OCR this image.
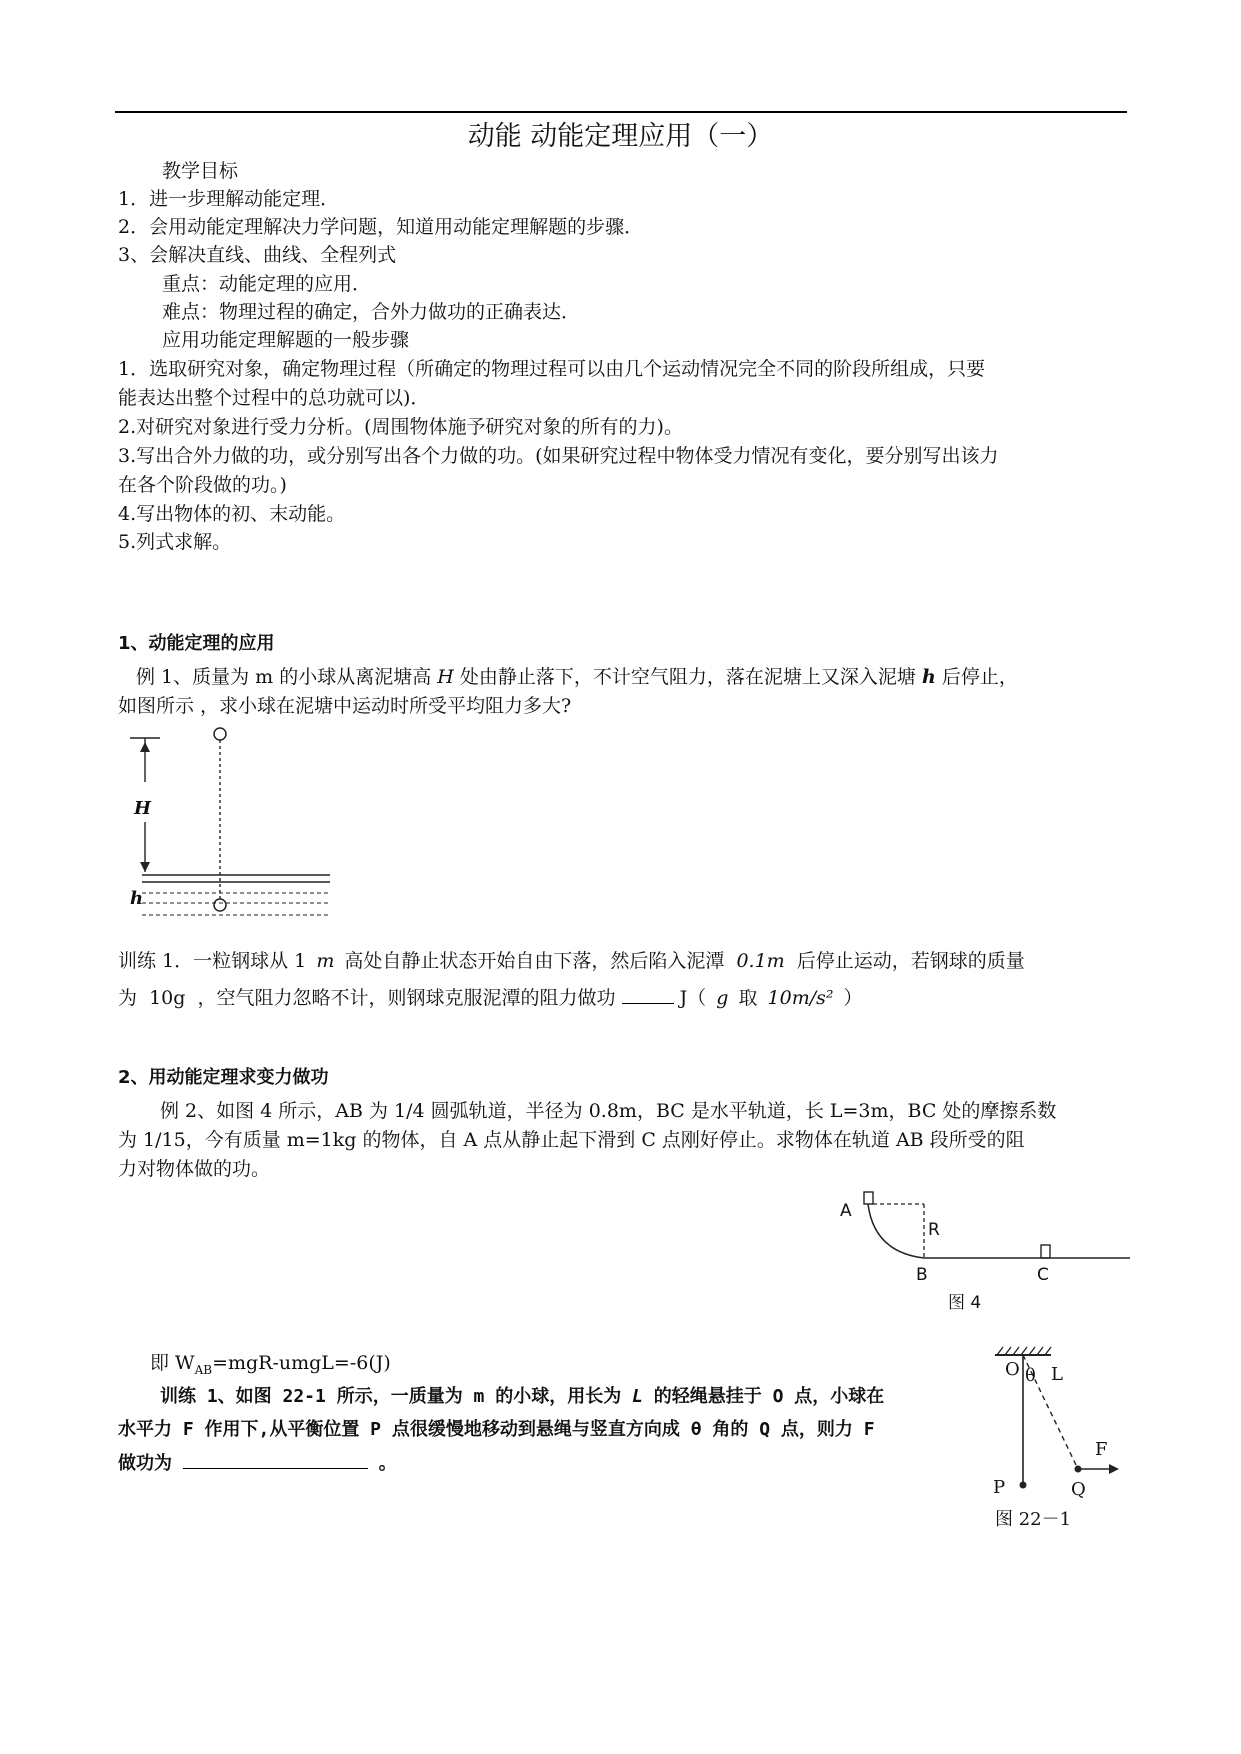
动能 动能定理应用（一）
教学目标
1．进一步理解动能定理．
2．会用动能定理解决力学问题，知道用动能定理解题的步骤．
3、会解决直线、曲线、全程列式
重点：动能定理的应用．
难点：物理过程的确定，合外力做功的正确表达．
应用功能定理解题的一般步骤
1．选取研究对象，确定物理过程（所确定的物理过程可以由几个运动情况完全不同的阶段所组成，只要
能表达出整个过程中的总功就可以)．
2.对研究对象进行受力分析。(周围物体施予研究对象的所有的力)。
3.写出合外力做的功，或分别写出各个力做的功。(如果研究过程中物体受力情况有变化，要分别写出该力
在各个阶段做的功。)
4.写出物体的初、末动能。
5.列式求解。
1、动能定理的应用
例 1、质量为 m 的小球从离泥塘高 H 处由静止落下，不计空气阻力，落在泥塘上又深入泥塘 h 后停止，
如图所示 ，求小球在泥塘中运动时所受平均阻力多大?
H
h
训练 1．一粒钢球从 1 m 高处自静止状态开始自由下落，然后陷入泥潭 0.1m 后停止运动，若钢球的质量
为 10g ，空气阻力忽略不计，则钢球克服泥潭的阻力做功	J（ g 取 10m/s² ）
2、用动能定理求变力做功
例 2、如图 4 所示，AB 为 1/4 圆弧轨道，半径为 0.8m，BC 是水平轨道，长 L=3m，BC 处的摩擦系数
为 1/15，今有质量 m=1kg 的物体，自 A 点从静止起下滑到 C 点刚好停止。求物体在轨道 AB 段所受的阻
力对物体做的功。
A
R
B	C
图 4
即 $W_{AB}=mgR-umgL=-6(J)$
训练 1、如图 22-1 所示，一质量为 m 的小球，用长为 L 的轻绳悬挂于 O 点，小球在
水平力 F 作用下,从平衡位置 P 点很缓慢地移动到悬绳与竖直方向成 θ 角的 Q 点，则力 F
做功为	。
O θ L
F
P	Q
图 22－1
